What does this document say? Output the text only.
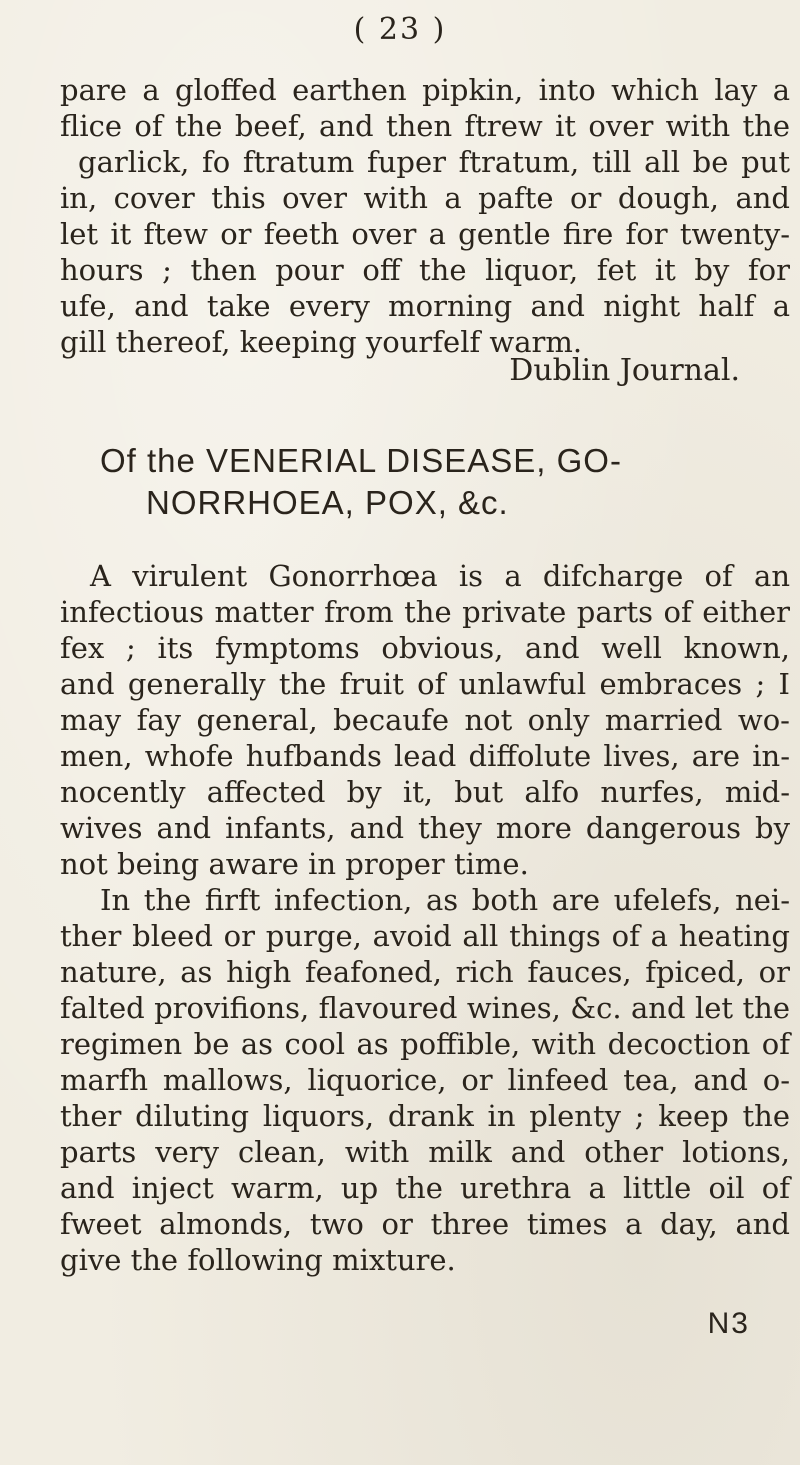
( 23 )
pare a gloffed earthen pipkin, into which lay a
flice of the beef, and then ftrew it over with the
garlick, fo ftratum fuper ftratum, till all be put
in, cover this over with a pafte or dough, and
let it ftew or feeth over a gentle fire for twenty-
hours ; then pour off the liquor, fet it by for
ufe, and take every morning and night half a
gill thereof, keeping yourfelf warm.
Dublin Journal.
Of the VENERIAL DISEASE, GO-
NORRHOEA, POX, &c.
A virulent Gonorrhœa is a difcharge of an
infectious matter from the private parts of either
fex ; its fymptoms obvious, and well known,
and generally the fruit of unlawful embraces ; I
may fay general, becaufe not only married wo-
men, whofe hufbands lead diffolute lives, are in-
nocently affected by it, but alfo nurfes, mid-
wives and infants, and they more dangerous by
not being aware in proper time.
In the firft infection, as both are ufelefs, nei-
ther bleed or purge, avoid all things of a heating
nature, as high feafoned, rich fauces, fpiced, or
falted provifions, flavoured wines, &c. and let the
regimen be as cool as poffible, with decoction of
marfh mallows, liquorice, or linfeed tea, and o-
ther diluting liquors, drank in plenty ; keep the
parts very clean, with milk and other lotions,
and inject warm, up the urethra a little oil of
fweet almonds, two or three times a day, and
give the following mixture.
N3
